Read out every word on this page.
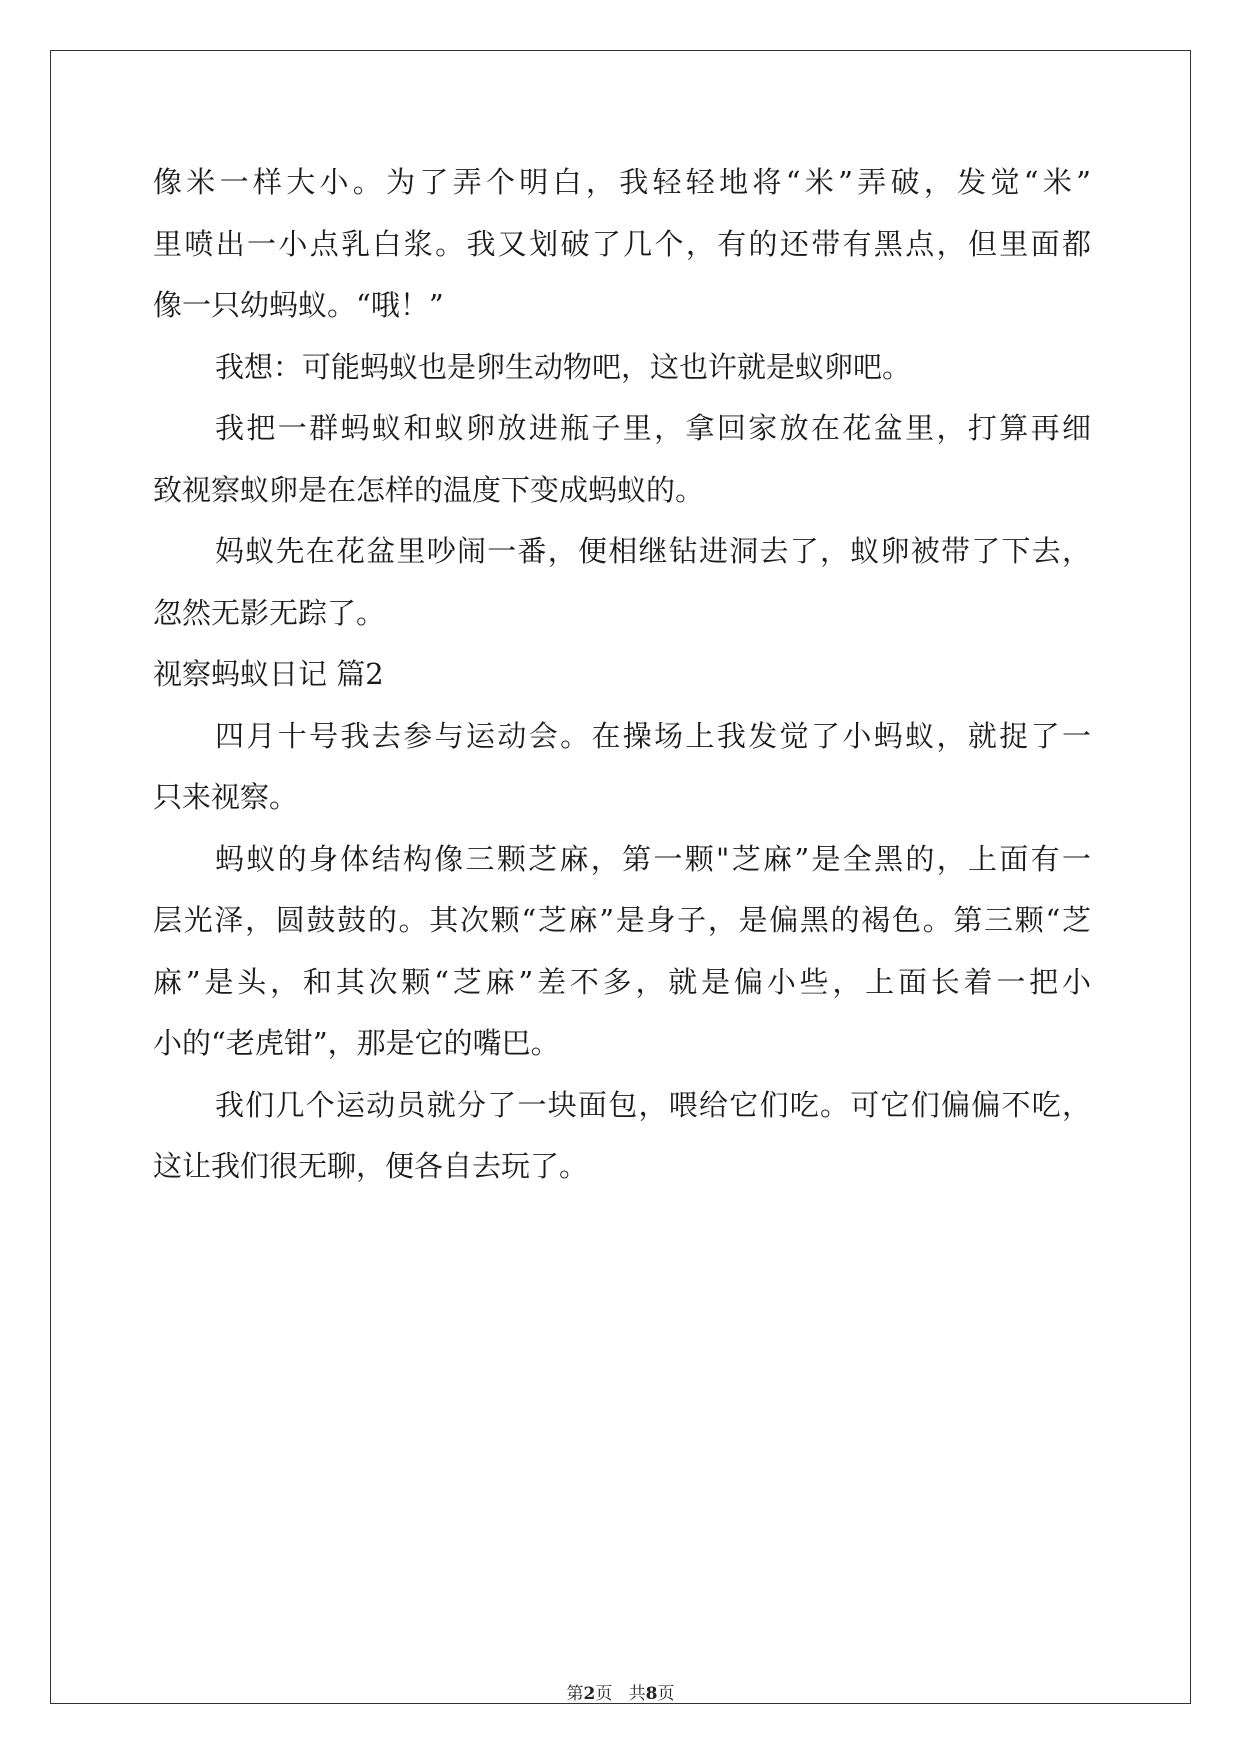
像米一样大小。为了弄个明白，我轻轻地将“米”弄破，发觉“米”
里喷出一小点乳白浆。我又划破了几个，有的还带有黑点，但里面都
像一只幼蚂蚁。“哦！”
我想：可能蚂蚁也是卵生动物吧，这也许就是蚁卵吧。
我把一群蚂蚁和蚁卵放进瓶子里，拿回家放在花盆里，打算再细
致视察蚁卵是在怎样的温度下变成蚂蚁的。
妈蚁先在花盆里吵闹一番，便相继钻进洞去了，蚁卵被带了下去，
忽然无影无踪了。
视察蚂蚁日记 篇2
四月十号我去参与运动会。在操场上我发觉了小蚂蚁，就捉了一
只来视察。
蚂蚁的身体结构像三颗芝麻，第一颗"芝麻”是全黑的，上面有一
层光泽，圆鼓鼓的。其次颗“芝麻”是身子，是偏黑的褐色。第三颗“芝
麻”是头，和其次颗“芝麻”差不多，就是偏小些，上面长着一把小
小的“老虎钳”，那是它的嘴巴。
我们几个运动员就分了一块面包，喂给它们吃。可它们偏偏不吃，
这让我们很无聊，便各自去玩了。
第2页   共8页
